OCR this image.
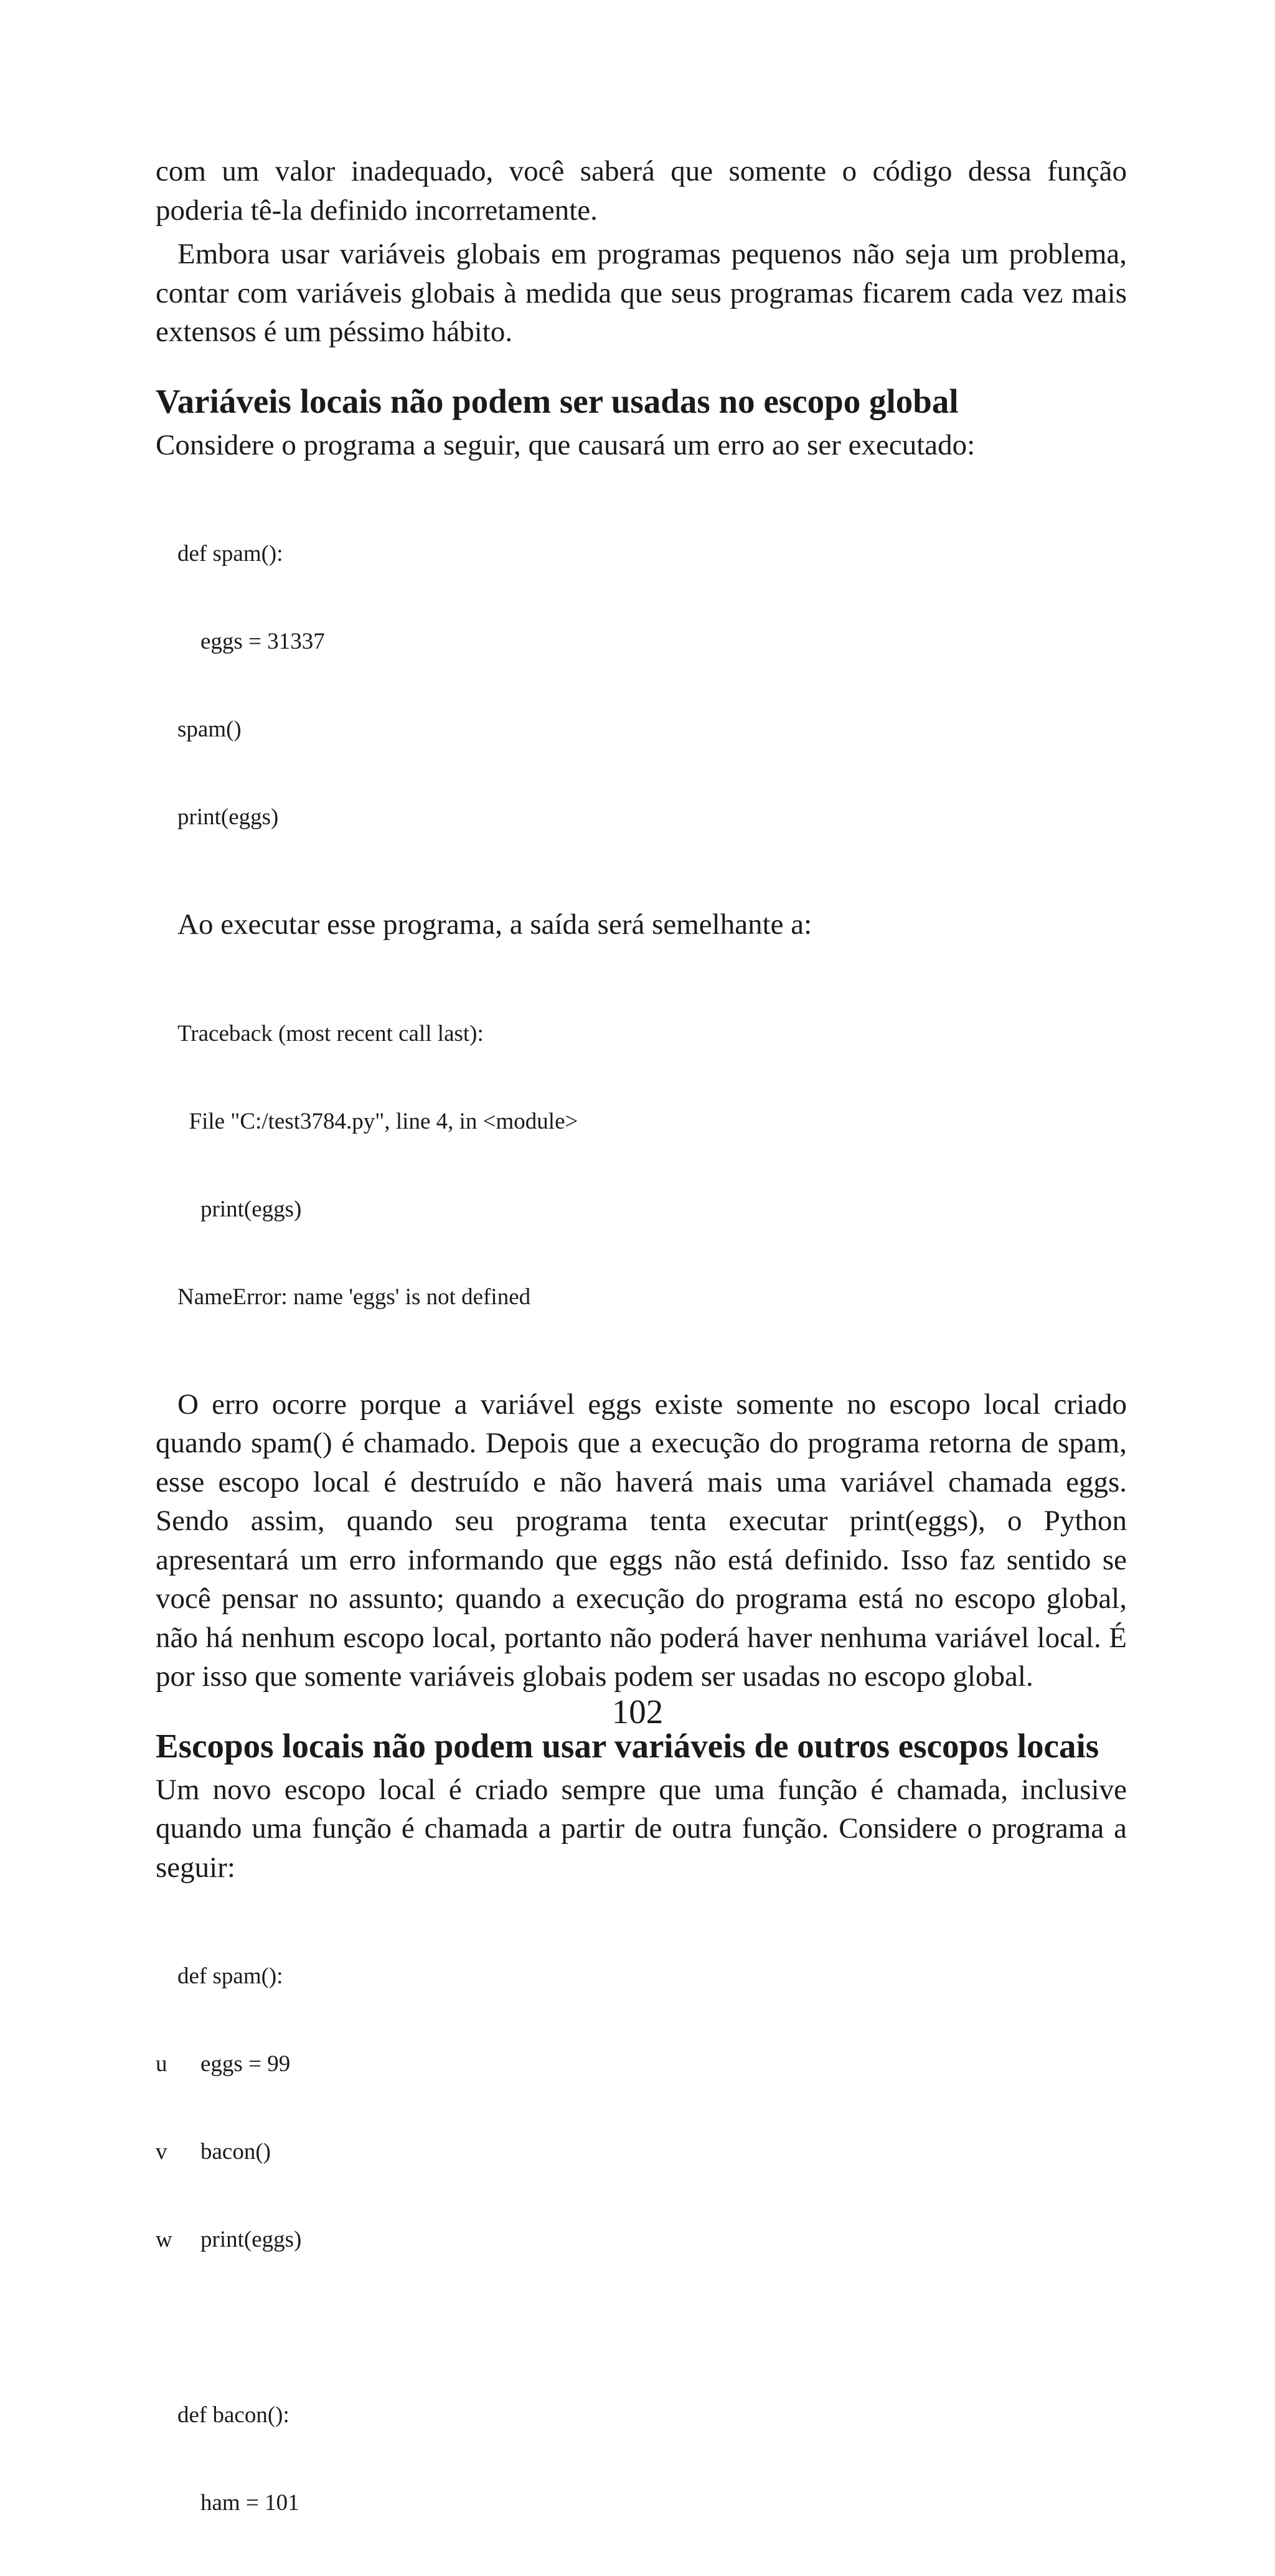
com um valor inadequado, você saberá que somente o código dessa função poderia tê-la definido incorretamente.

Embora usar variáveis globais em programas pequenos não seja um problema, contar com variáveis globais à medida que seus programas ficarem cada vez mais extensos é um péssimo hábito.

Variáveis locais não podem ser usadas no escopo global

Considere o programa a seguir, que causará um erro ao ser executado:

def spam():

eggs = 31337

spam()

print(eggs)

Ao executar esse programa, a saída será semelhante a:

Traceback (most recent call last):

File "C:/test3784.py", line 4, in <module>

print(eggs)

NameError: name 'eggs' is not defined

O erro ocorre porque a variável eggs existe somente no escopo local criado quando spam() é chamado. Depois que a execução do programa retorna de spam, esse escopo local é destruído e não haverá mais uma variável chamada eggs. Sendo assim, quando seu programa tenta executar print(eggs), o Python apresentará um erro informando que eggs não está definido. Isso faz sentido se você pensar no assunto; quando a execução do programa está no escopo global, não há nenhum escopo local, portanto não poderá haver nenhuma variável local. É por isso que somente variáveis globais podem ser usadas no escopo global.

Escopos locais não podem usar variáveis de outros escopos locais

Um novo escopo local é criado sempre que uma função é chamada, inclusive quando uma função é chamada a partir de outra função. Considere o programa a seguir:

def spam():

u    eggs = 99

v    bacon()

w    print(eggs)

def bacon():

ham = 101

102
